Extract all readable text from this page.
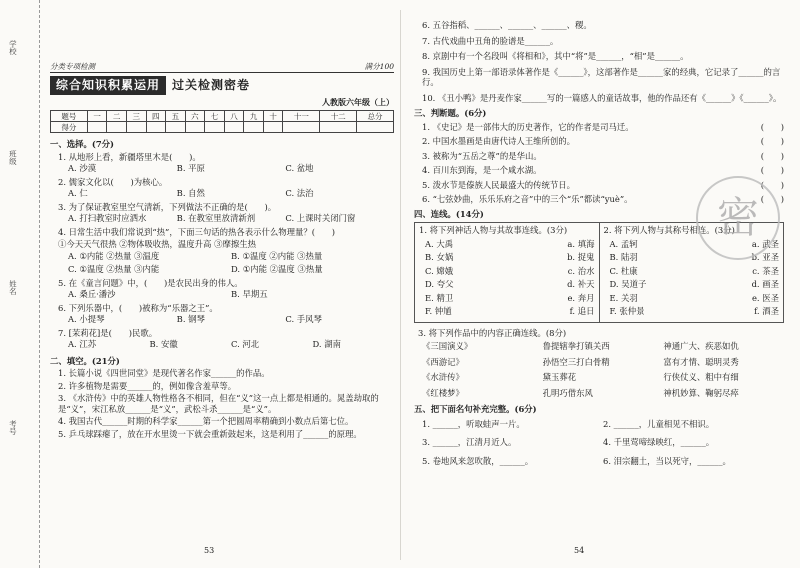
学校
班级
姓名
考号
分类专项检测	满分100
综合知识积累运用	过关检测密卷
人教版六年级（上）
题号	一	二	三	四	五	六	七	八	九	十	十一	十二	总分
得分													
一、选择。(7分)
1. 从地形上看，新疆塔里木是(　　)。
A. 沙漠	B. 平原	C. 盆地
2. 儒家文化以(　　)为核心。
A. 仁	B. 自然	C. 法治
3. 为了保证教室里空气清新，下列做法不正确的是(　　)。
A. 打扫教室时应洒水	B. 在教室里放清新剂	C. 上课时关闭门窗
4. 日常生活中我们常说到“热”，下面三句话的热各表示什么物理量？(　　)
①今天天气很热 ②物体吸收热，温度升高 ③摩擦生热
A. ①内能 ②热量 ③温度	B. ①温度 ②内能 ③热量
C. ①温度 ②热量 ③内能	D. ①内能 ②温度 ③热量
5. 在《童言问题》中，(　　)是农民出身的伟人。
A. 桑丘·潘沙	B. 早期五
6. 下列乐器中，(　　)被称为“乐器之王”。
A. 小提琴	B. 钢琴	C. 手风琴
7. [茉莉花]是(　　)民歌。
A. 江苏	B. 安徽	C. 河北	D. 湖南
二、填空。(21分)
1. 长篇小说《四世同堂》是现代著名作家______的作品。
2. 许多植物是需要______的，例如像含羞草等。
3. 《水浒传》中的英雄人物性格各不相同，但在“义”这一点上都是相通的。晁盖劫取的是“义”，宋江私放______是“义”，武松斗杀______是“义”。
4. 我国古代______时期的科学家______第一个把圆周率精确到小数点后第七位。
5. 乒乓球踩瘪了，放在开水里烫一下就会重新鼓起来，这是利用了______的原理。
53
6. 五谷指稻、______、______、______、稷。
7. 古代戏曲中丑角的脸谱是______。
8. 京剧中有一个名段叫《将相和》，其中“将”是______，“相”是______。
9. 我国历史上第一部语录体著作是《______》，这部著作是______家的经典，它记录了______的言行。
10. 《丑小鸭》是丹麦作家______写的一篇感人的童话故事，他的作品还有《______》《______》。
三、判断题。(6分)
1. 《史记》是一部伟大的历史著作，它的作者是司马迁。	(　　)
2. 中国水墨画是由唐代诗人王维所创的。	(　　)
3. 被称为“五岳之尊”的是华山。	(　　)
4. 百川东到海，是一个咸水湖。	(　　)
5. 泼水节是傣族人民最盛大的传统节日。	(　　)
6. “七弦妙曲，乐乐乐府之音”中的三个“乐”都读“yuè”。	(　　)
四、连线。(14分)
1. 将下列神话人物与其故事连线。(3分)
A. 大禹	a. 填海
B. 女娲	b. 捉鬼
C. 嫦娥	c. 治水
D. 夸父	d. 补天
E. 精卫	e. 奔月
F. 钟馗	f. 追日
2. 将下列人物与其称号相连。(3分)
A. 孟轲	a. 武圣
B. 陆羽	b. 亚圣
C. 杜康	c. 茶圣
D. 吴道子	d. 画圣
E. 关羽	e. 医圣
F. 张仲景	f. 酒圣
3. 将下列作品中的内容正确连线。(8分)
《三国演义》	鲁提辖拳打镇关西	神通广大、疾恶如仇
《西游记》	孙悟空三打白骨精	富有才情、聪明灵秀
《水浒传》	黛玉葬花	行侠仗义、粗中有细
《红楼梦》	孔明巧借东风	神机妙算、鞠躬尽瘁
五、把下面名句补充完整。(6分)
1. ______，听取蛙声一片。	2. ______，儿童相见不相识。
3. ______，江清月近人。	4. 千里莺啼绿映红，______。
5. 卷地风来忽吹散，______。	6. 泪宗翻土，当以死守，______。
54
密
